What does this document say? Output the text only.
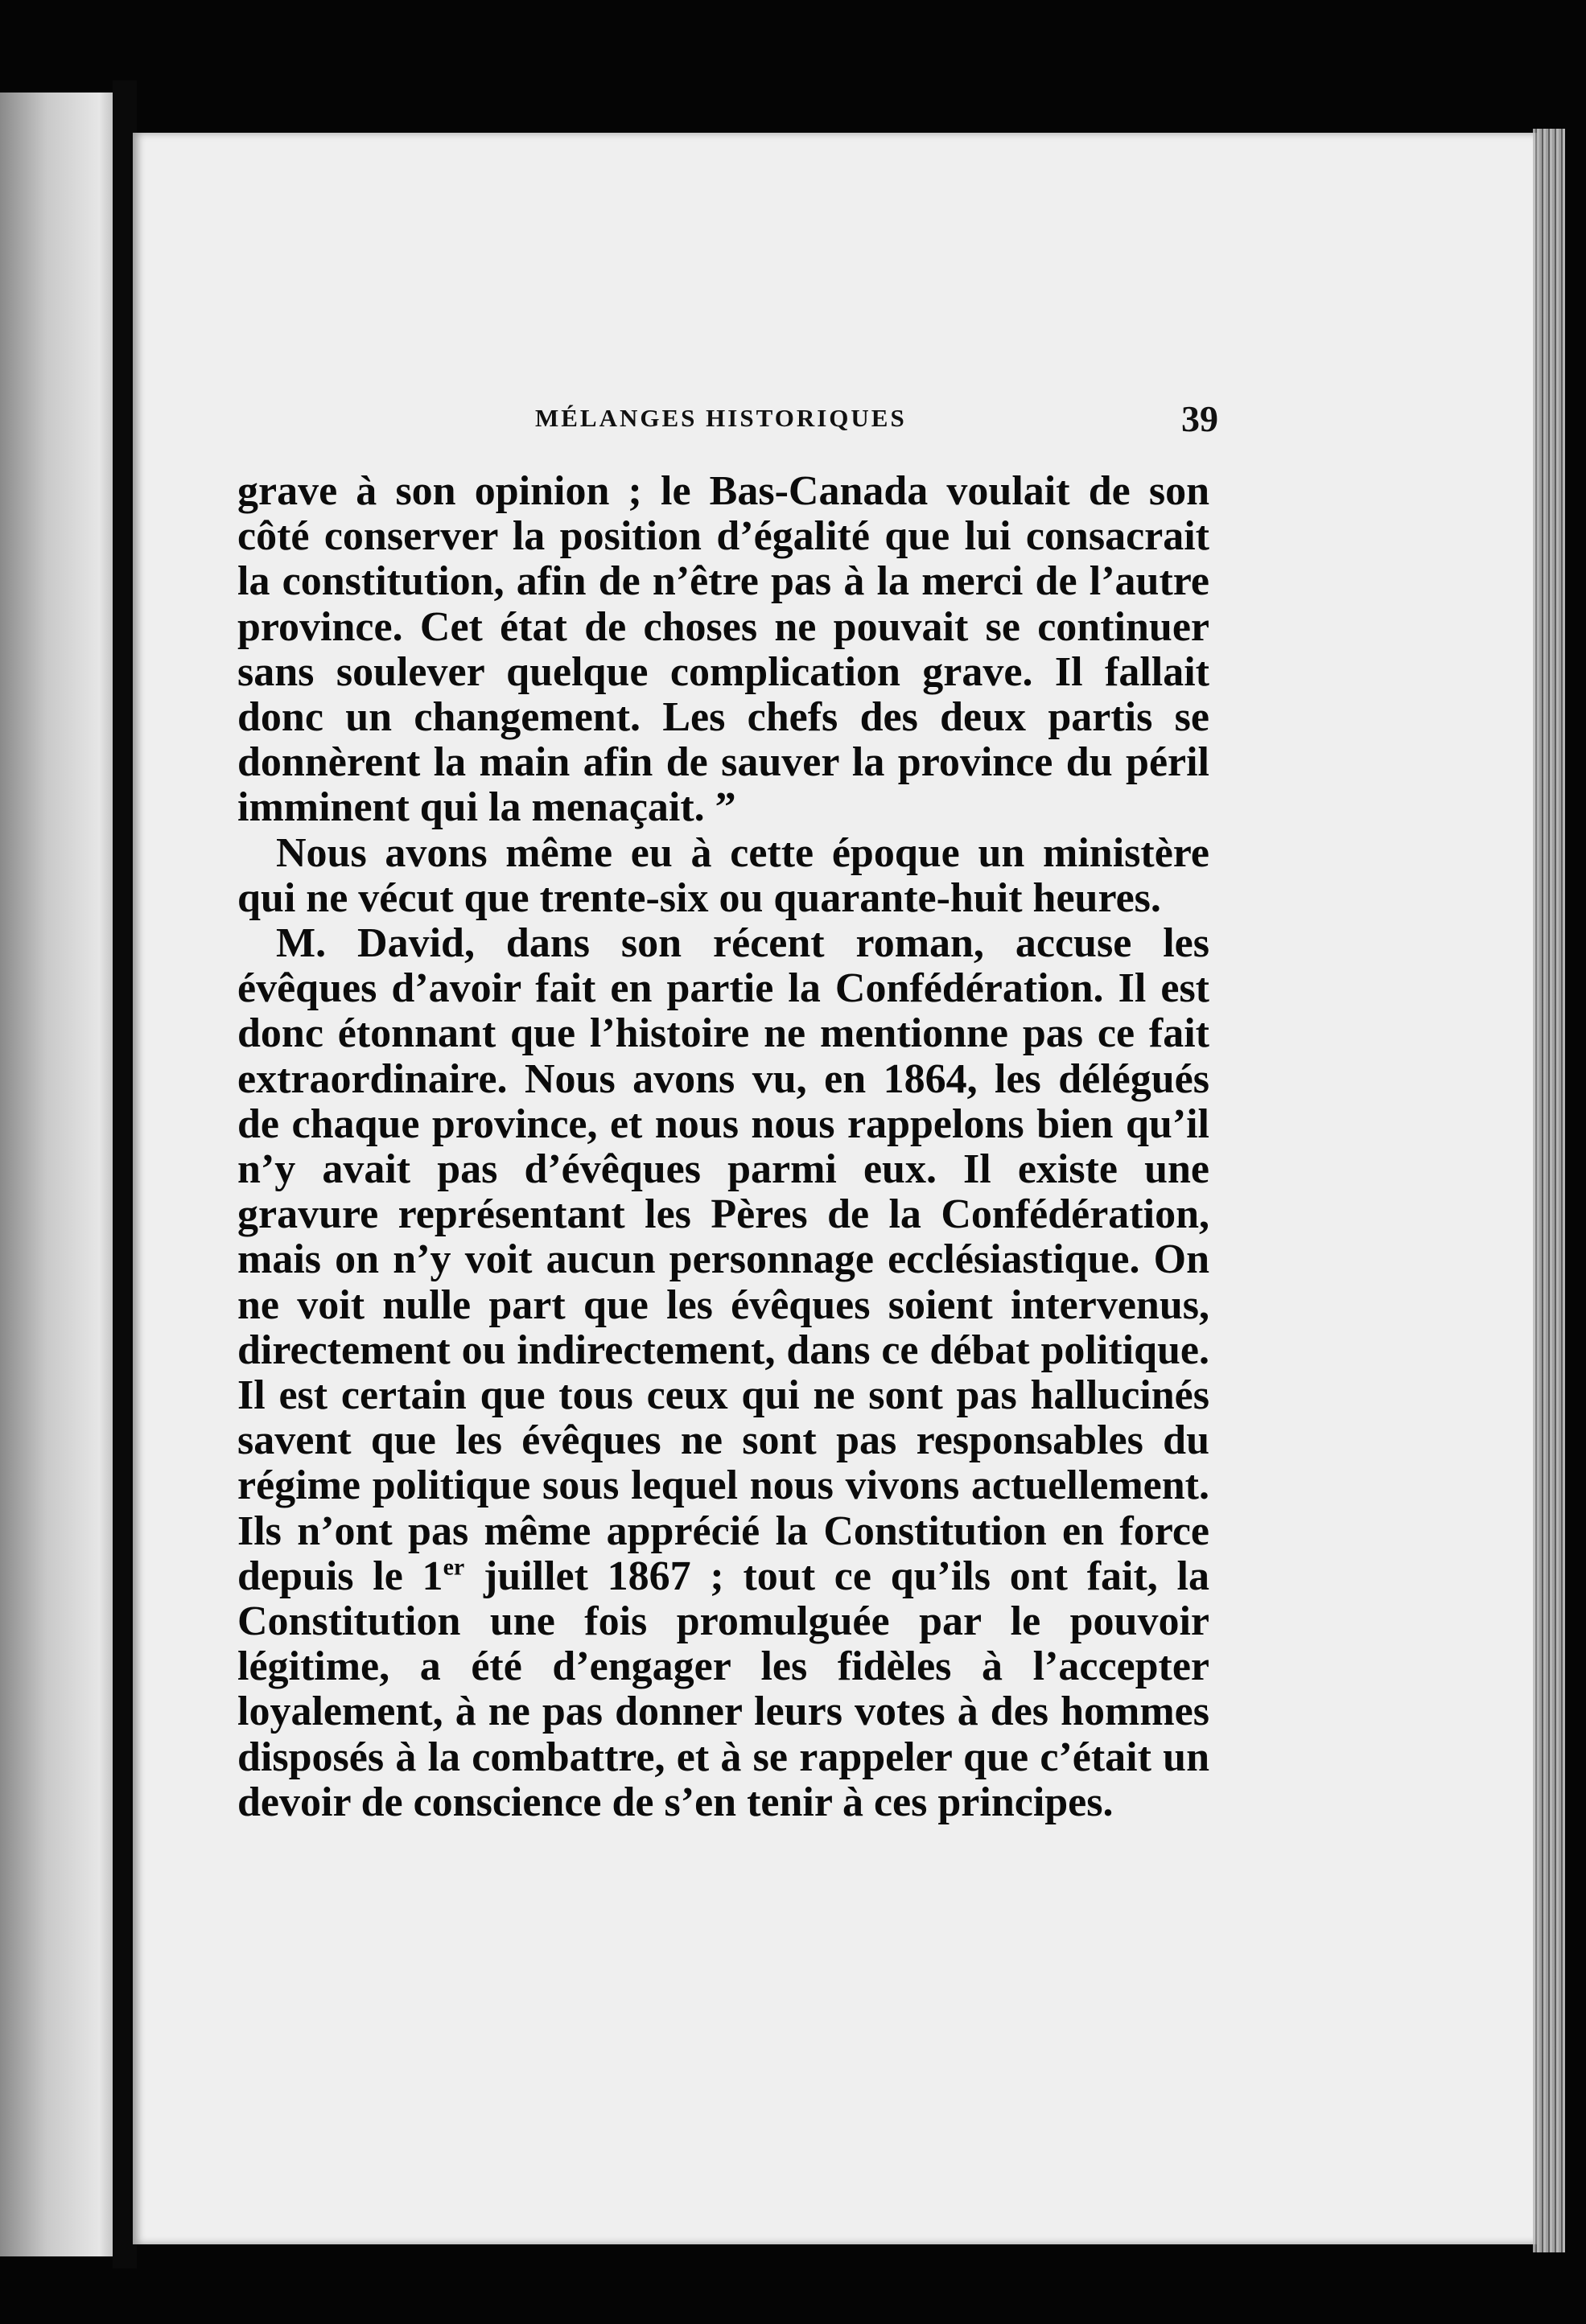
MÉLANGES HISTORIQUES	39

grave à son opinion ; le Bas-Canada voulait de son côté conserver la position d’égalité que lui consacrait la constitution, afin de n’être pas à la merci de l’autre province. Cet état de choses ne pouvait se continuer sans soulever quelque complication grave. Il fallait donc un changement. Les chefs des deux partis se donnèrent la main afin de sauver la province du péril imminent qui la menaçait. ”

Nous avons même eu à cette époque un ministère qui ne vécut que trente-six ou quarante-huit heures.

M. David, dans son récent roman, accuse les évêques d’avoir fait en partie la Confédération. Il est donc étonnant que l’histoire ne mentionne pas ce fait extraordinaire. Nous avons vu, en 1864, les délégués de chaque province, et nous nous rappelons bien qu’il n’y avait pas d’évêques parmi eux. Il existe une gravure représentant les Pères de la Confédération, mais on n’y voit aucun personnage ecclésiastique. On ne voit nulle part que les évêques soient intervenus, directement ou indirectement, dans ce débat politique. Il est certain que tous ceux qui ne sont pas hallucinés savent que les évêques ne sont pas responsables du régime politique sous lequel nous vivons actuellement. Ils n’ont pas même apprécié la Constitution en force depuis le 1er juillet 1867 ; tout ce qu’ils ont fait, la Constitution une fois promulguée par le pouvoir légitime, a été d’engager les fidèles à l’accepter loyalement, à ne pas donner leurs votes à des hommes disposés à la combattre, et à se rappeler que c’était un devoir de conscience de s’en tenir à ces principes.
